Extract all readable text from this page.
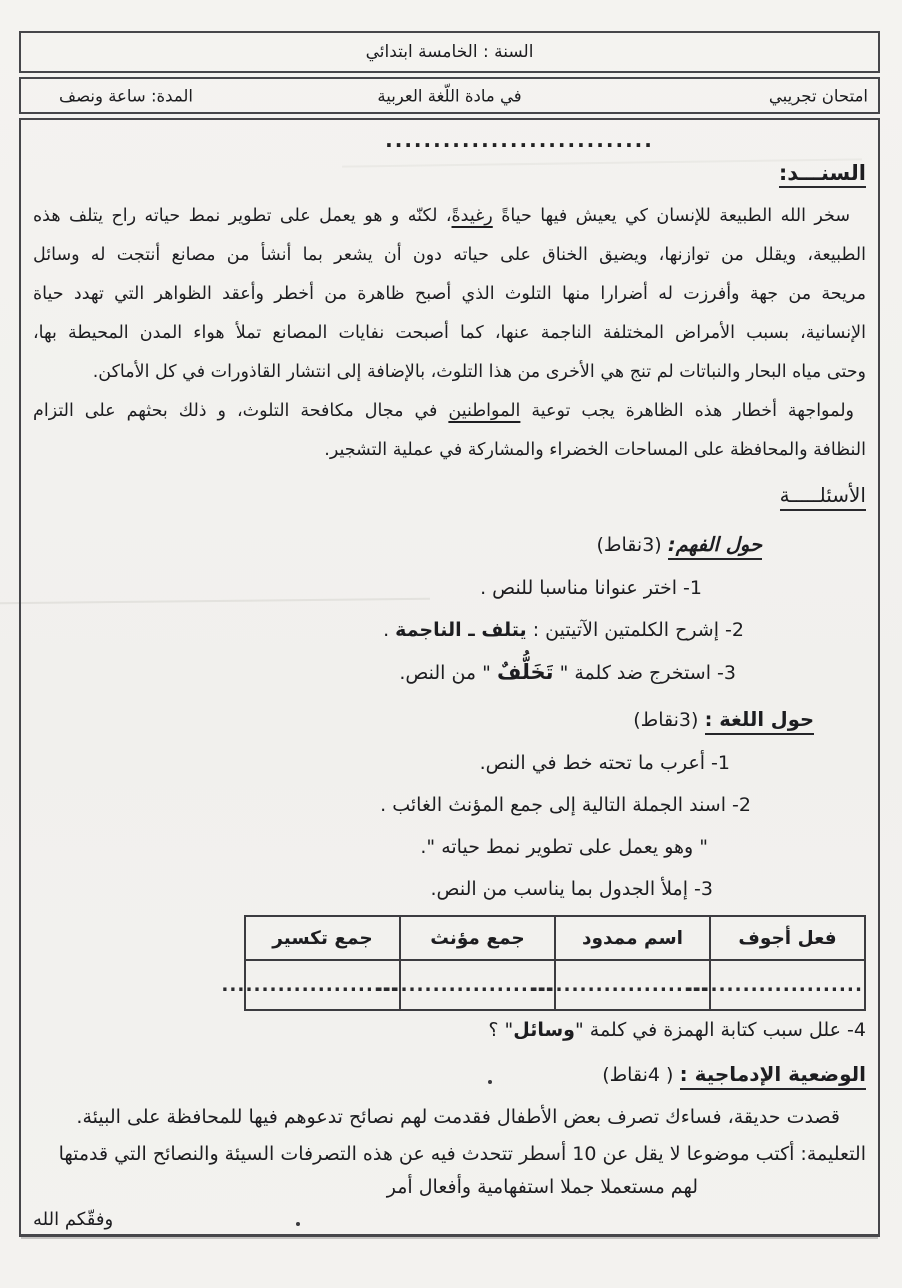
السنة : الخامسة ابتدائي
امتحان تجريبي
في مادة اللّغة العربية
المدة: ساعة ونصف
............................
السنـــد:
سخر الله الطبيعة للإنسان كي يعيش فيها حياةً رغيدةً، لكنّه و هو يعمل على تطوير نمط حياته راح يتلف هذه
الطبيعة، ويقلل من توازنها، ويضيق الخناق على حياته دون أن يشعر بما أنشأ من مصانع أنتجت له وسائل
مريحة من جهة وأفرزت له أضرارا منها التلوث الذي أصبح ظاهرة من أخطر وأعقد الظواهر التي تهدد حياة
الإنسانية، بسبب الأمراض المختلفة الناجمة عنها، كما أصبحت نفايات المصانع تملأ هواء المدن المحيطة بها،
وحتى مياه البحار والنباتات لم تنج هي الأخرى من هذا التلوث، بالإضافة إلى انتشار القاذورات في كل الأماكن.
ولمواجهة أخطار هذه الظاهرة يجب توعية المواطنين في مجال مكافحة التلوث، و ذلك بحثهم على التزام
النظافة والمحافظة على المساحات الخضراء والمشاركة في عملية التشجير.
الأسئلـــــة
حول الفهم: (3نقاط)
1- اختر عنوانا مناسبا للنص .
2- إشرح الكلمتين الآتيتين : يتلف ـ الناجمة .
3- استخرج ضد كلمة " تَخَلُّفٌ " من النص.
حول اللغة : (3نقاط)
1- أعرب ما تحته خط في النص.
2- اسند الجملة التالية إلى جمع المؤنث الغائب .
" وهو يعمل على تطوير نمط حياته ".
3- إملأ الجدول بما يناسب من النص.
فعل أجوف	اسم ممدود	جمع مؤنث	جمع تكسير
......................	......................	......................	......................
4- علل سبب كتابة الهمزة في كلمة "وسائل" ؟
الوضعية الإدماجية : ( 4نقاط)
قصدت حديقة، فساءك تصرف بعض الأطفال فقدمت لهم نصائح تدعوهم فيها للمحافظة على البيئة.
التعليمة: أكتب موضوعا لا يقل عن 10 أسطر تتحدث فيه عن هذه التصرفات السيئة والنصائح التي قدمتها
لهم مستعملا جملا استفهامية وأفعال أمر
وفقّكم الله
